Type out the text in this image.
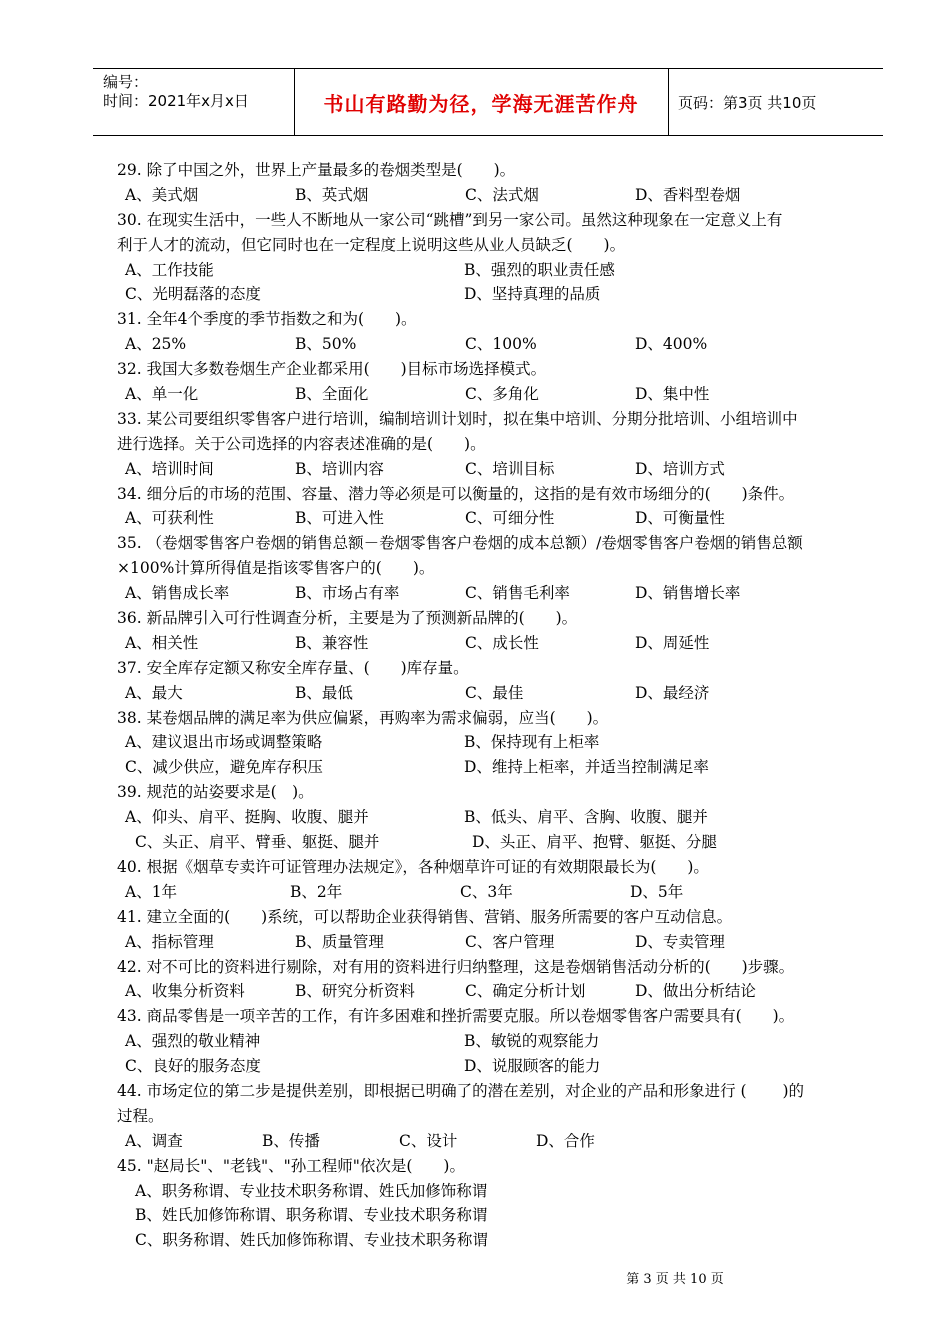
编号：
时间：2021年x月x日	书山有路勤为径，学海无涯苦作舟	页码：第3页 共10页
29. 除了中国之外，世界上产量最多的卷烟类型是(　　)。
A、美式烟	B、英式烟	C、法式烟	D、香料型卷烟
30. 在现实生活中，一些人不断地从一家公司“跳槽”到另一家公司。虽然这种现象在一定意义上有
利于人才的流动，但它同时也在一定程度上说明这些从业人员缺乏(　　)。
A、工作技能	B、强烈的职业责任感
C、光明磊落的态度	D、坚持真理的品质
31. 全年4个季度的季节指数之和为(　　)。
A、25%	B、50%	C、100%	D、400%
32. 我国大多数卷烟生产企业都采用(　　)目标市场选择模式。
A、单一化	B、全面化	C、多角化	D、集中性
33. 某公司要组织零售客户进行培训，编制培训计划时，拟在集中培训、分期分批培训、小组培训中
进行选择。关于公司选择的内容表述准确的是(　　)。
A、培训时间	B、培训内容	C、培训目标	D、培训方式
34. 细分后的市场的范围、容量、潜力等必须是可以衡量的，这指的是有效市场细分的(　　)条件。
A、可获利性	B、可进入性	C、可细分性	D、可衡量性
35. （卷烟零售客户卷烟的销售总额－卷烟零售客户卷烟的成本总额）/卷烟零售客户卷烟的销售总额
×100%计算所得值是指该零售客户的(　　)。
A、销售成长率	B、市场占有率	C、销售毛利率	D、销售增长率
36. 新品牌引入可行性调查分析，主要是为了预测新品牌的(　　)。
A、相关性	B、兼容性	C、成长性	D、周延性
37. 安全库存定额又称安全库存量、(　　)库存量。
A、最大	B、最低	C、最佳	D、最经济
38. 某卷烟品牌的满足率为供应偏紧，再购率为需求偏弱，应当(　　)。
A、建议退出市场或调整策略	B、保持现有上柜率
C、减少供应，避免库存积压	D、维持上柜率，并适当控制满足率
39. 规范的站姿要求是(　)。
A、仰头、肩平、挺胸、收腹、腿并	B、低头、肩平、含胸、收腹、腿并
C、头正、肩平、臂垂、躯挺、腿并	D、头正、肩平、抱臂、躯挺、分腿
40. 根据《烟草专卖许可证管理办法规定》，各种烟草许可证的有效期限最长为(　　)。
A、1年	B、2年	C、3年	D、5年
41. 建立全面的(　　)系统，可以帮助企业获得销售、营销、服务所需要的客户互动信息。
A、指标管理	B、质量管理	C、客户管理	D、专卖管理
42. 对不可比的资料进行剔除，对有用的资料进行归纳整理，这是卷烟销售活动分析的(　　)步骤。
A、收集分析资料	B、研究分析资料	C、确定分析计划	D、做出分析结论
43. 商品零售是一项辛苦的工作，有许多困难和挫折需要克服。所以卷烟零售客户需要具有(　　)。
A、强烈的敬业精神	B、敏锐的观察能力
C、良好的服务态度	D、说服顾客的能力
44. 市场定位的第二步是提供差别，即根据已明确了的潜在差别，对企业的产品和形象进行 (　　 )的
过程。
A、调查	B、传播	C、设计	D、合作
45. "赵局长"、"老钱"、"孙工程师"依次是(　　)。
A、职务称谓、专业技术职务称谓、姓氏加修饰称谓
B、姓氏加修饰称谓、职务称谓、专业技术职务称谓
C、职务称谓、姓氏加修饰称谓、专业技术职务称谓
第 3 页 共 10 页
